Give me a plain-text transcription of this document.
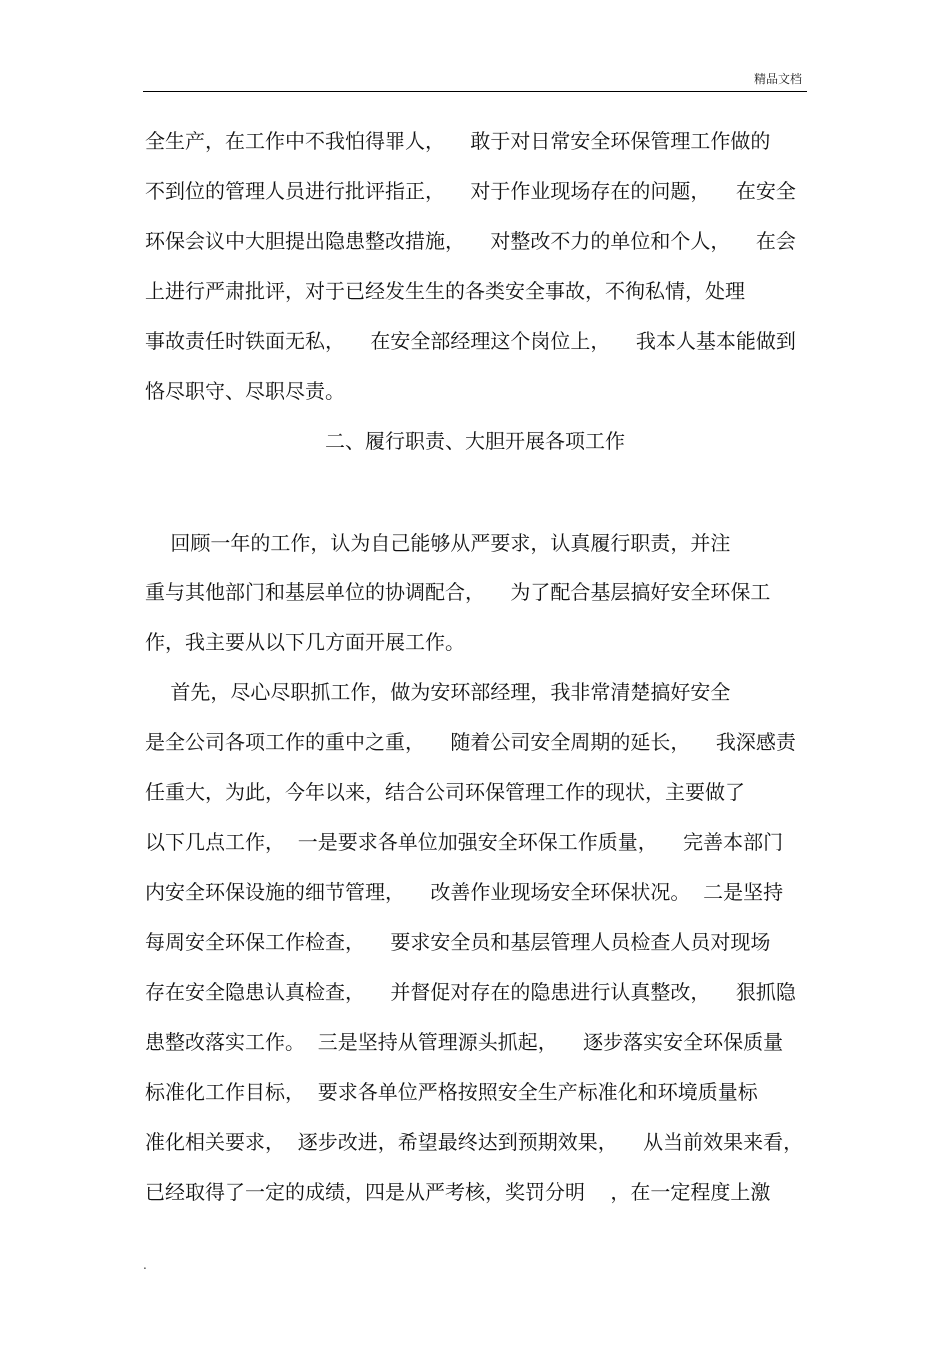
精品文档
全生产，在工作中不我怕得罪人，    敢于对日常安全环保管理工作做的
不到位的管理人员进行批评指正，    对于作业现场存在的问题，    在安全
环保会议中大胆提出隐患整改措施，    对整改不力的单位和个人，    在会
上进行严肃批评，对于已经发生生的各类安全事故，不徇私情，处理
事故责任时铁面无私，    在安全部经理这个岗位上，    我本人基本能做到
恪尽职守、尽职尽责。
二、履行职责、大胆开展各项工作
回顾一年的工作，认为自己能够从严要求，认真履行职责，并注
重与其他部门和基层单位的协调配合，    为了配合基层搞好安全环保工
作，我主要从以下几方面开展工作。
首先，尽心尽职抓工作，做为安环部经理，我非常清楚搞好安全
是全公司各项工作的重中之重，    随着公司安全周期的延长，    我深感责
任重大，为此，今年以来，结合公司环保管理工作的现状，主要做了
以下几点工作，  一是要求各单位加强安全环保工作质量，    完善本部门
内安全环保设施的细节管理，    改善作业现场安全环保状况。  二是坚持
每周安全环保工作检查，    要求安全员和基层管理人员检查人员对现场
存在安全隐患认真检查，    并督促对存在的隐患进行认真整改，    狠抓隐
患整改落实工作。  三是坚持从管理源头抓起，    逐步落实安全环保质量
标准化工作目标，  要求各单位严格按照安全生产标准化和环境质量标
准化相关要求，  逐步改进，希望最终达到预期效果，    从当前效果来看，
已经取得了一定的成绩，四是从严考核，奖罚分明    ，在一定程度上激
.
